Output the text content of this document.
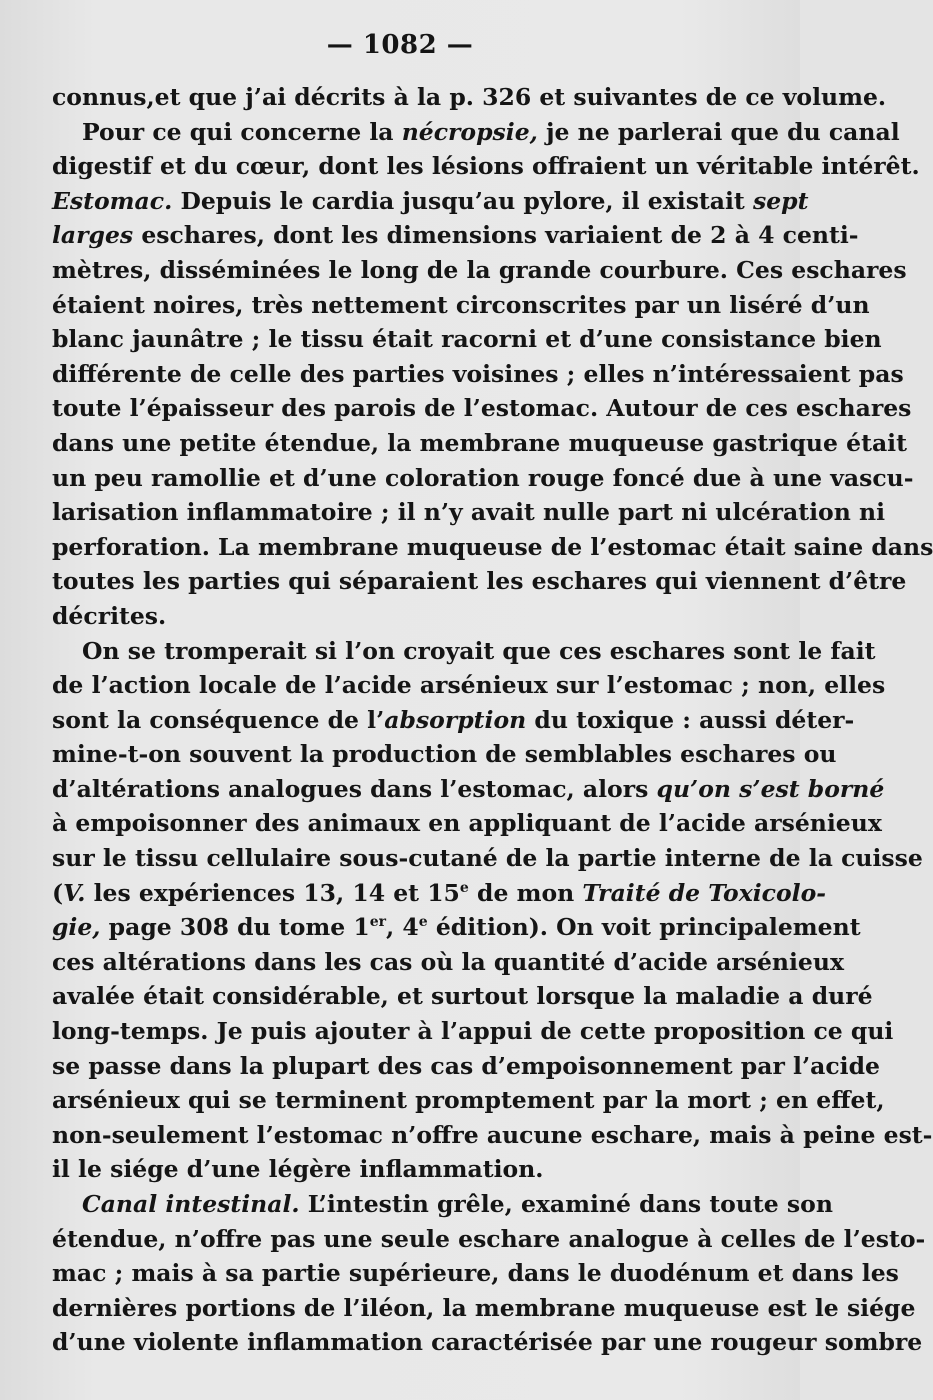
— 1082 —
connus,et que j’ai décrits à la p. 326 et suivantes de ce volume.
Pour ce qui concerne la nécropsie, je ne parlerai que du canal
digestif et du cœur, dont les lésions offraient un véritable intérêt.
Estomac. Depuis le cardia jusqu’au pylore, il existait sept
larges eschares, dont les dimensions variaient de 2 à 4 centi-
mètres, disséminées le long de la grande courbure. Ces eschares
étaient noires, très nettement circonscrites par un liséré d’un
blanc jaunâtre ; le tissu était racorni et d’une consistance bien
différente de celle des parties voisines ; elles n’intéressaient pas
toute l’épaisseur des parois de l’estomac. Autour de ces eschares
dans une petite étendue, la membrane muqueuse gastrique était
un peu ramollie et d’une coloration rouge foncé due à une vascu-
larisation inflammatoire ; il n’y avait nulle part ni ulcération ni
perforation. La membrane muqueuse de l’estomac était saine dans
toutes les parties qui séparaient les eschares qui viennent d’être
décrites.
On se tromperait si l’on croyait que ces eschares sont le fait
de l’action locale de l’acide arsénieux sur l’estomac ; non, elles
sont la conséquence de l’absorption du toxique : aussi déter-
mine-t-on souvent la production de semblables eschares ou
d’altérations analogues dans l’estomac, alors qu’on s’est borné
à empoisonner des animaux en appliquant de l’acide arsénieux
sur le tissu cellulaire sous-cutané de la partie interne de la cuisse
(V. les expériences 13, 14 et 15e de mon Traité de Toxicolo-
gie, page 308 du tome 1er, 4e édition). On voit principalement
ces altérations dans les cas où la quantité d’acide arsénieux
avalée était considérable, et surtout lorsque la maladie a duré
long-temps. Je puis ajouter à l’appui de cette proposition ce qui
se passe dans la plupart des cas d’empoisonnement par l’acide
arsénieux qui se terminent promptement par la mort ; en effet,
non-seulement l’estomac n’offre aucune eschare, mais à peine est-
il le siége d’une légère inflammation.
Canal intestinal. L’intestin grêle, examiné dans toute son
étendue, n’offre pas une seule eschare analogue à celles de l’esto-
mac ; mais à sa partie supérieure, dans le duodénum et dans les
dernières portions de l’iléon, la membrane muqueuse est le siége
d’une violente inflammation caractérisée par une rougeur sombre
